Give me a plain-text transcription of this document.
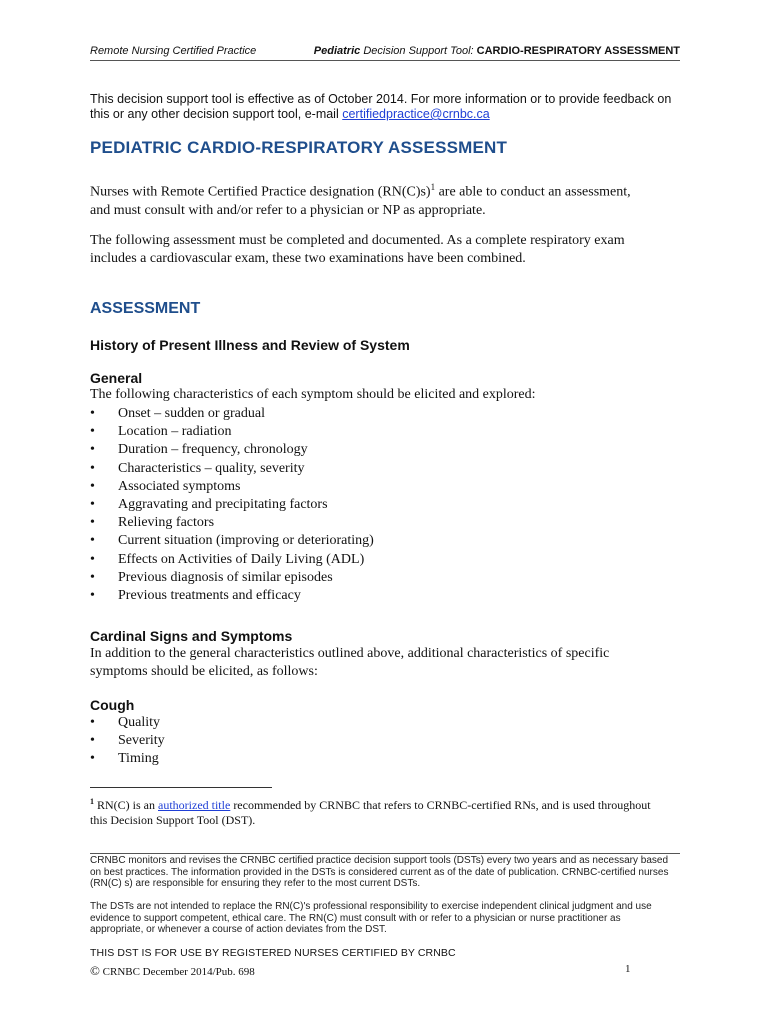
Remote Nursing Certified Practice	Pediatric Decision Support Tool: CARDIO-RESPIRATORY ASSESSMENT
This decision support tool is effective as of October 2014. For more information or to provide feedback on
this or any other decision support tool, e-mail certifiedpractice@crnbc.ca
PEDIATRIC CARDIO-RESPIRATORY ASSESSMENT
Nurses with Remote Certified Practice designation $(RN(C)s)^1$ are able to conduct an assessment,
and must consult with and/or refer to a physician or NP as appropriate.
The following assessment must be completed and documented. As a complete respiratory exam
includes a cardiovascular exam, these two examinations have been combined.
ASSESSMENT
History of Present Illness and Review of System
General
The following characteristics of each symptom should be elicited and explored:
• Onset – sudden or gradual
• Location – radiation
• Duration – frequency, chronology
• Characteristics – quality, severity
• Associated symptoms
• Aggravating and precipitating factors
• Relieving factors
• Current situation (improving or deteriorating)
• Effects on Activities of Daily Living (ADL)
• Previous diagnosis of similar episodes
• Previous treatments and efficacy
Cardinal Signs and Symptoms
In addition to the general characteristics outlined above, additional characteristics of specific
symptoms should be elicited, as follows:
Cough
• Quality
• Severity
• Timing
$^1$ RN(C) is an authorized title recommended by CRNBC that refers to CRNBC-certified RNs, and is used throughout
this Decision Support Tool (DST).
CRNBC monitors and revises the CRNBC certified practice decision support tools (DSTs) every two years and as necessary based
on best practices. The information provided in the DSTs is considered current as of the date of publication. CRNBC-certified nurses
(RN(C) s) are responsible for ensuring they refer to the most current DSTs.
The DSTs are not intended to replace the RN(C)'s professional responsibility to exercise independent clinical judgment and use
evidence to support competent, ethical care. The RN(C) must consult with or refer to a physician or nurse practitioner as
appropriate, or whenever a course of action deviates from the DST.
THIS DST IS FOR USE BY REGISTERED NURSES CERTIFIED BY CRNBC
© CRNBC December 2014/Pub. 698	1
